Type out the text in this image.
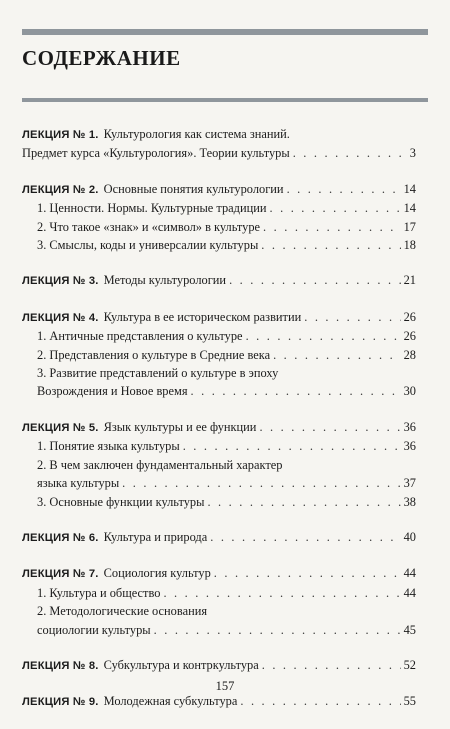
СОДЕРЖАНИЕ
ЛЕКЦИЯ № 1. Культурология как система знаний.
Предмет курса «Культурология». Теории культуры . . .	3
ЛЕКЦИЯ № 2. Основные понятия культурологии . . .	14
1. Ценности. Нормы. Культурные традиции . . .	14
2. Что такое «знак» и «символ» в культуре . . .	17
3. Смыслы, коды и универсалии культуры . . .	18
ЛЕКЦИЯ № 3. Методы культурологии . . .	21
ЛЕКЦИЯ № 4. Культура в ее историческом развитии . . .	26
1. Античные представления о культуре . . .	26
2. Представления о культуре в Средние века . . .	28
3. Развитие представлений о культуре в эпоху
Возрождения и Новое время . . .	30
ЛЕКЦИЯ № 5. Язык культуры и ее функции . . .	36
1. Понятие языка культуры . . .	36
2. В чем заключен фундаментальный характер
языка культуры . . .	37
3. Основные функции культуры . . .	38
ЛЕКЦИЯ № 6. Культура и природа . . .	40
ЛЕКЦИЯ № 7. Социология культур . . .	44
1. Культура и общество . . .	44
2. Методологические основания
социологии культуры . . .	45
ЛЕКЦИЯ № 8. Субкультура и контркультура . . .	52
ЛЕКЦИЯ № 9. Молодежная субкультура . . .	55
157
